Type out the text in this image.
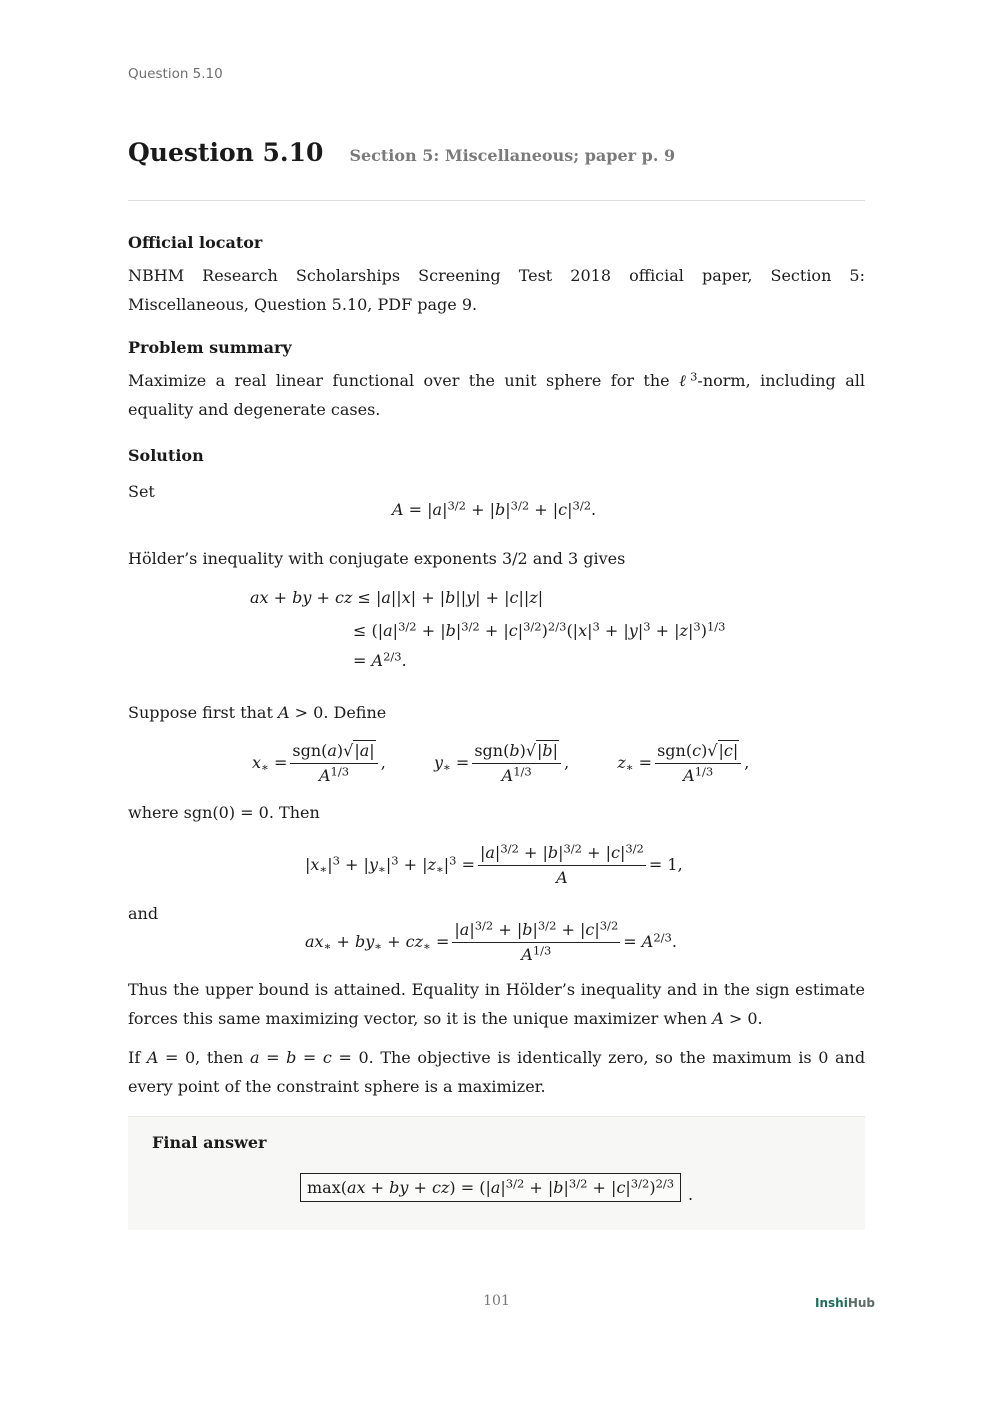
Question 5.10
Question 5.10 Section 5: Miscellaneous; paper p. 9
Official locator
NBHM Research Scholarships Screening Test 2018 official paper, Section 5: Miscellaneous, Question 5.10, PDF page 9.
Problem summary
Maximize a real linear functional over the unit sphere for the ℓ$^3$-norm, including all equality and degenerate cases.
Solution
Set
$A = |a|^{3/2} + |b|^{3/2} + |c|^{3/2}$.
Hölder’s inequality with conjugate exponents 3/2 and 3 gives
ax + by + cz ≤ |a||x| + |b||y| + |c||z|
≤ $(|a|^{3/2} + |b|^{3/2} + |c|^{3/2})^{2/3}(|x|^3 + |y|^3 + |z|^3)^{1/3}$
= $A^{2/3}$.
Suppose first that A > 0. Define
$x_∗ = \frac{\text{sgn(a)√|a|}}{A^{1/3}}$ ,	$y_∗ = \frac{\text{sgn(b)√|b|}}{A^{1/3}}$ ,	$z_∗ = \frac{\text{sgn(c)√|c|}}{A^{1/3}}$ ,
where sgn(0) = 0. Then
$|x_∗|^3 + |y_∗|^3 + |z_∗|^3 = \frac{|a|^{3/2} + |b|^{3/2} + |c|^{3/2}}{A} = 1$,
and
$ax_∗ + by_∗ + cz_∗ = \frac{|a|^{3/2} + |b|^{3/2} + |c|^{3/2}}{A^{1/3}} = A^{2/3}$.
Thus the upper bound is attained. Equality in Hölder’s inequality and in the sign estimate forces this same maximizing vector, so it is the unique maximizer when A > 0.
If A = 0, then a = b = c = 0. The objective is identically zero, so the maximum is 0 and every point of the constraint sphere is a maximizer.
Final answer
max(ax + by + $cz) = (|a|^{3/2} + |b|^{3/2} + |c|^{3/2})^{2/3}$
.
101	InshiHub
